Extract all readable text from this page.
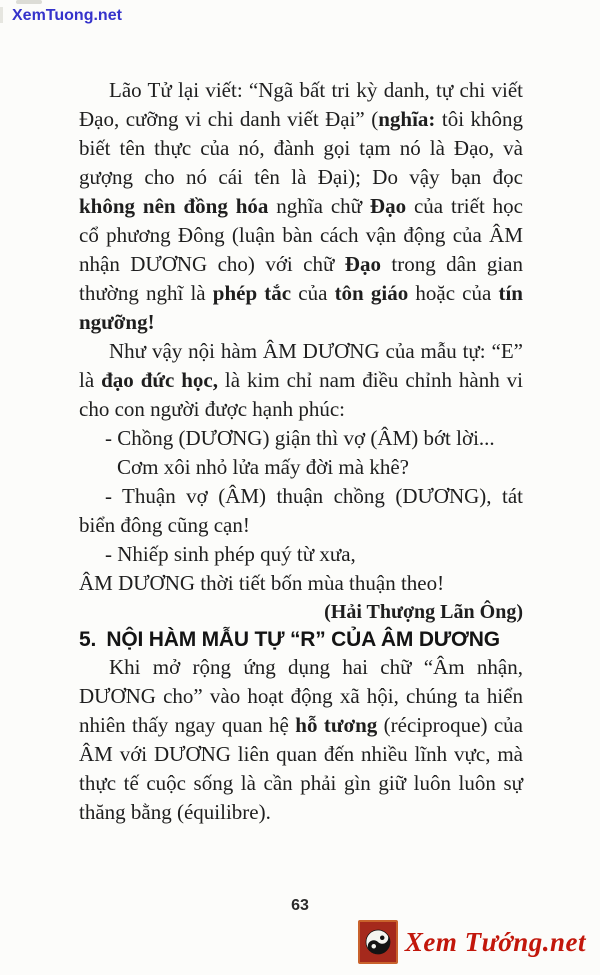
XemTuong.net

Lão Tử lại viết: “Ngã bất tri kỳ danh, tự chi viết Đạo, cưỡng vi chi danh viết Đại” (nghĩa: tôi không biết tên thực của nó, đành gọi tạm nó là Đạo, và gượng cho nó cái tên là Đại); Do vậy bạn đọc không nên đồng hóa nghĩa chữ Đạo của triết học cổ phương Đông (luận bàn cách vận động của ÂM nhận DƯƠNG cho) với chữ Đạo trong dân gian thường nghĩ là phép tắc của tôn giáo hoặc của tín ngưỡng!

Như vậy nội hàm ÂM DƯƠNG của mẫu tự: “E” là đạo đức học, là kim chỉ nam điều chỉnh hành vi cho con người được hạnh phúc:

- Chồng (DƯƠNG) giận thì vợ (ÂM) bớt lời...

Cơm xôi nhỏ lửa mấy đời mà khê?

- Thuận vợ (ÂM) thuận chồng (DƯƠNG), tát biển đông cũng cạn!

- Nhiếp sinh phép quý từ xưa,

ÂM DƯƠNG thời tiết bốn mùa thuận theo!

(Hải Thượng Lãn Ông)

5. NỘI HÀM MẪU TỰ “R” CỦA ÂM DƯƠNG

Khi mở rộng ứng dụng hai chữ “Âm nhận, DƯƠNG cho” vào hoạt động xã hội, chúng ta hiển nhiên thấy ngay quan hệ hỗ tương (réciproque) của ÂM với DƯƠNG liên quan đến nhiều lĩnh vực, mà thực tế cuộc sống là cần phải gìn giữ luôn luôn sự thăng bằng (équilibre).

63
Xem Tướng.net
